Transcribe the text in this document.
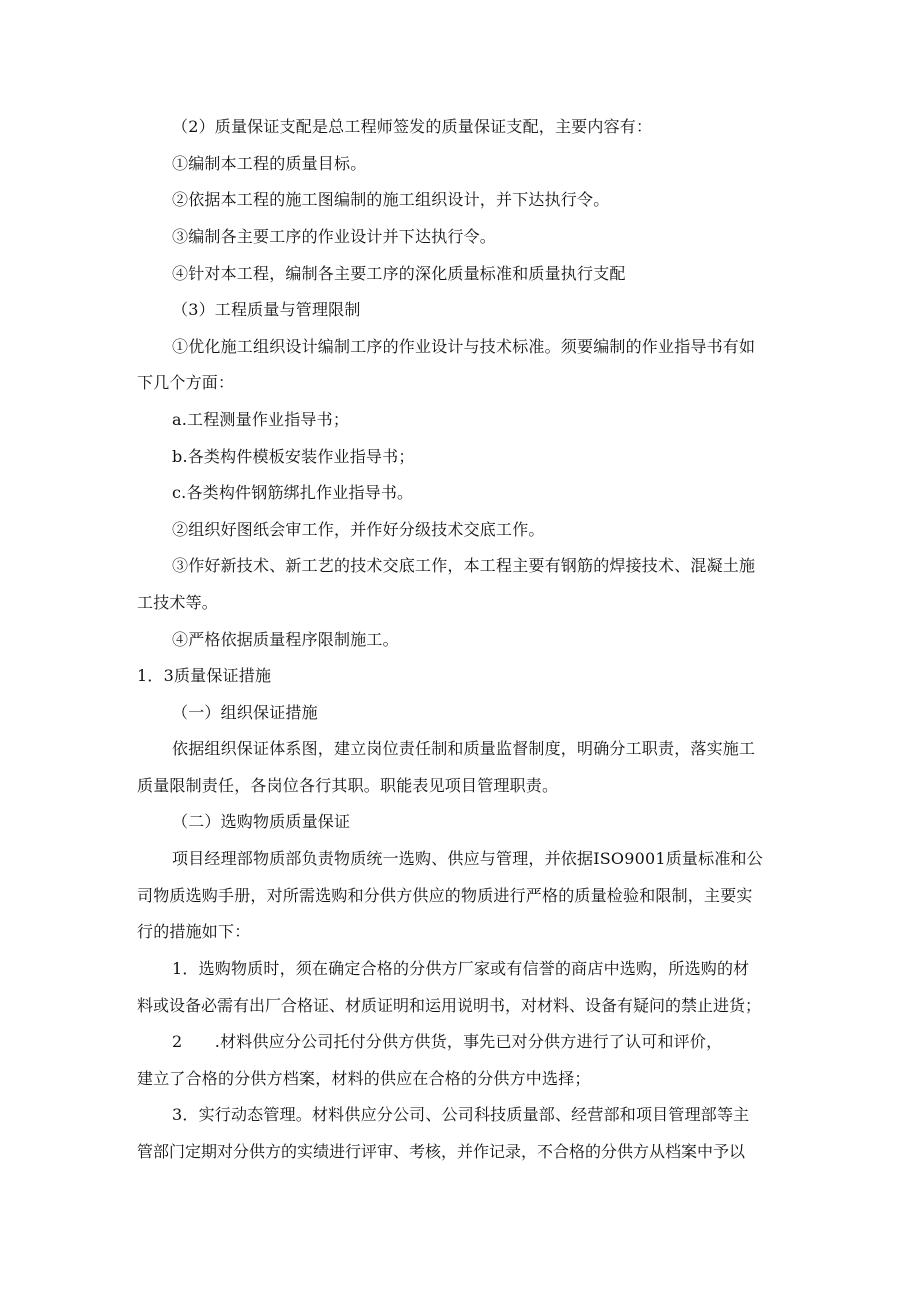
（2）质量保证支配是总工程师签发的质量保证支配，主要内容有：
①编制本工程的质量目标。
②依据本工程的施工图编制的施工组织设计，并下达执行令。
③编制各主要工序的作业设计并下达执行令。
④针对本工程，编制各主要工序的深化质量标准和质量执行支配
（3）工程质量与管理限制
①优化施工组织设计编制工序的作业设计与技术标准。须要编制的作业指导书有如
下几个方面：
a.工程测量作业指导书；
b.各类构件模板安装作业指导书；
c.各类构件钢筋绑扎作业指导书。
②组织好图纸会审工作，并作好分级技术交底工作。
③作好新技术、新工艺的技术交底工作，本工程主要有钢筋的焊接技术、混凝土施
工技术等。
④严格依据质量程序限制施工。
1．3质量保证措施
（一）组织保证措施
依据组织保证体系图，建立岗位责任制和质量监督制度，明确分工职责，落实施工
质量限制责任，各岗位各行其职。职能表见项目管理职责。
（二）选购物质质量保证
项目经理部物质部负责物质统一选购、供应与管理，并依据ISO9001质量标准和公
司物质选购手册，对所需选购和分供方供应的物质进行严格的质量检验和限制，主要实
行的措施如下：
1．选购物质时，须在确定合格的分供方厂家或有信誉的商店中选购，所选购的材
料或设备必需有出厂合格证、材质证明和运用说明书，对材料、设备有疑问的禁止进货；
2　　.材料供应分公司托付分供方供货，事先已对分供方进行了认可和评价，
建立了合格的分供方档案，材料的供应在合格的分供方中选择；
3．实行动态管理。材料供应分公司、公司科技质量部、经营部和项目管理部等主
管部门定期对分供方的实绩进行评审、考核，并作记录，不合格的分供方从档案中予以
